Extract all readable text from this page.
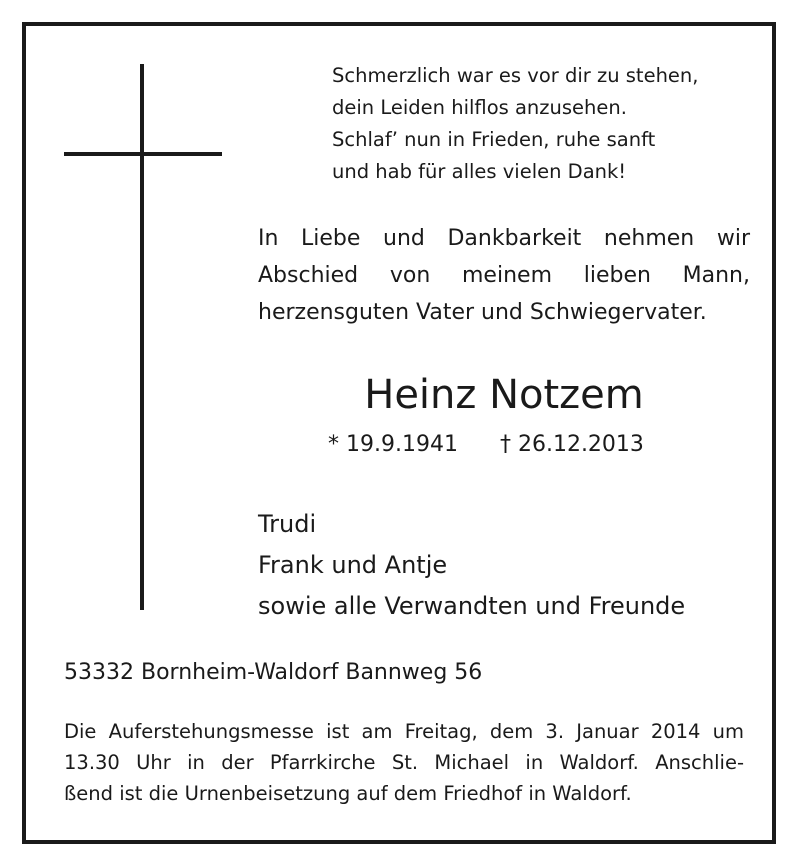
Schmerzlich war es vor dir zu stehen,
dein Leiden hilflos anzusehen.
Schlaf’ nun in Frieden, ruhe sanft
und hab für alles vielen Dank!
In Liebe und Dankbarkeit nehmen wir
Abschied von meinem lieben Mann,
herzensguten Vater und Schwiegervater.
Heinz Notzem
* 19.9.1941 † 26.12.2013
Trudi
Frank und Antje
sowie alle Verwandten und Freunde
53332 Bornheim-Waldorf Bannweg 56
Die Auferstehungsmesse ist am Freitag, dem 3. Januar 2014 um
13.30 Uhr in der Pfarrkirche St. Michael in Waldorf. Anschlie-
ßend ist die Urnenbeisetzung auf dem Friedhof in Waldorf.
